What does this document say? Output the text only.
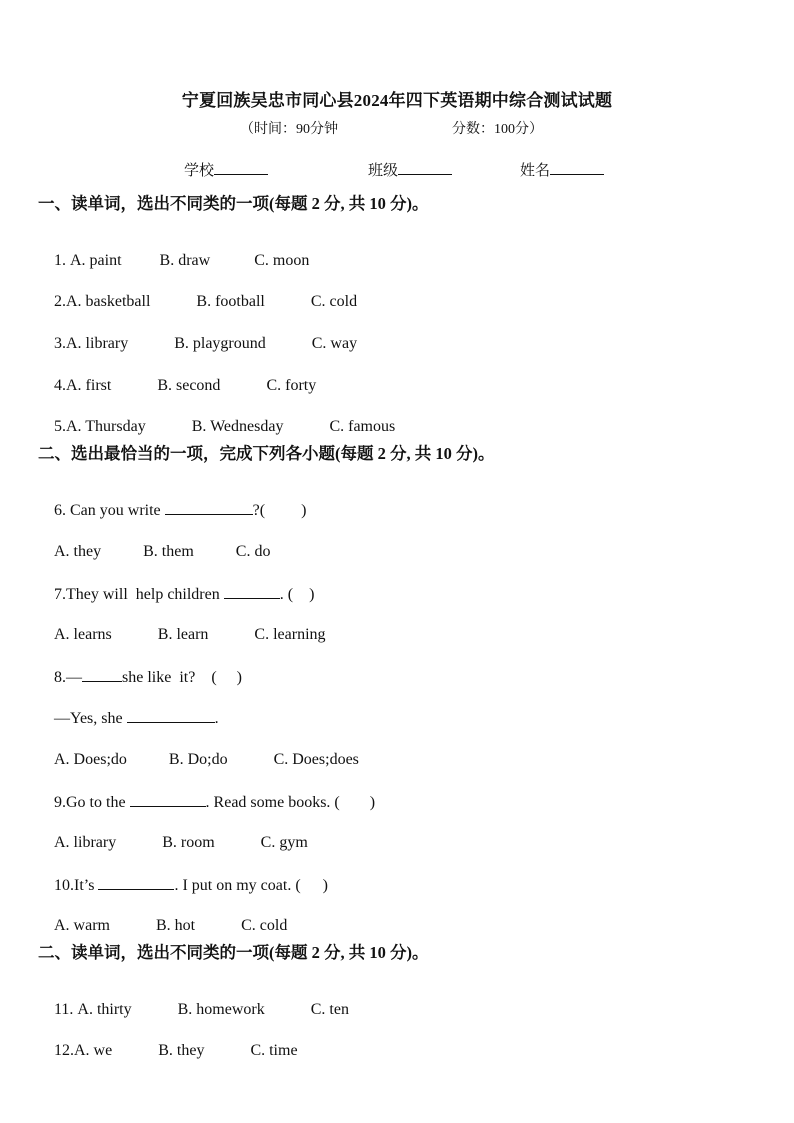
宁夏回族吴忠市同心县2024年四下英语期中综合测试试题
（时间：90分钟	分数：100分）
学校	班级	姓名
一、读单词，选出不同类的一项(每题 2 分, 共 10 分)。

1. A. paint B. draw	C. moon

2.A. basketball	B. football	C. cold

3.A. library	B. playground	C. way

4.A. first	B. second	C. forty

5.A. Thursday	B. Wednesday	C. famous

二、选出最恰当的一项，完成下列各小题(每题 2 分, 共 10 分)。

6. Can you write	?( )

A. they	B. them	C. do

7.They will  help children	. ( )

A. learns	B. learn	C. learning

8.—	she like  it? ( )

—Yes, she	.

A. Does;do	B. Do;do	C. Does;does

9.Go to the	. Read some books. ( )

A. library	B. room	C. gym

10.It’s	. I put on my coat. ( )

A. warm	B. hot	C. cold

二、读单词，选出不同类的一项(每题 2 分, 共 10 分)。

11. A. thirty	B. homework	C. ten

12.A. we	B. they	C. time
